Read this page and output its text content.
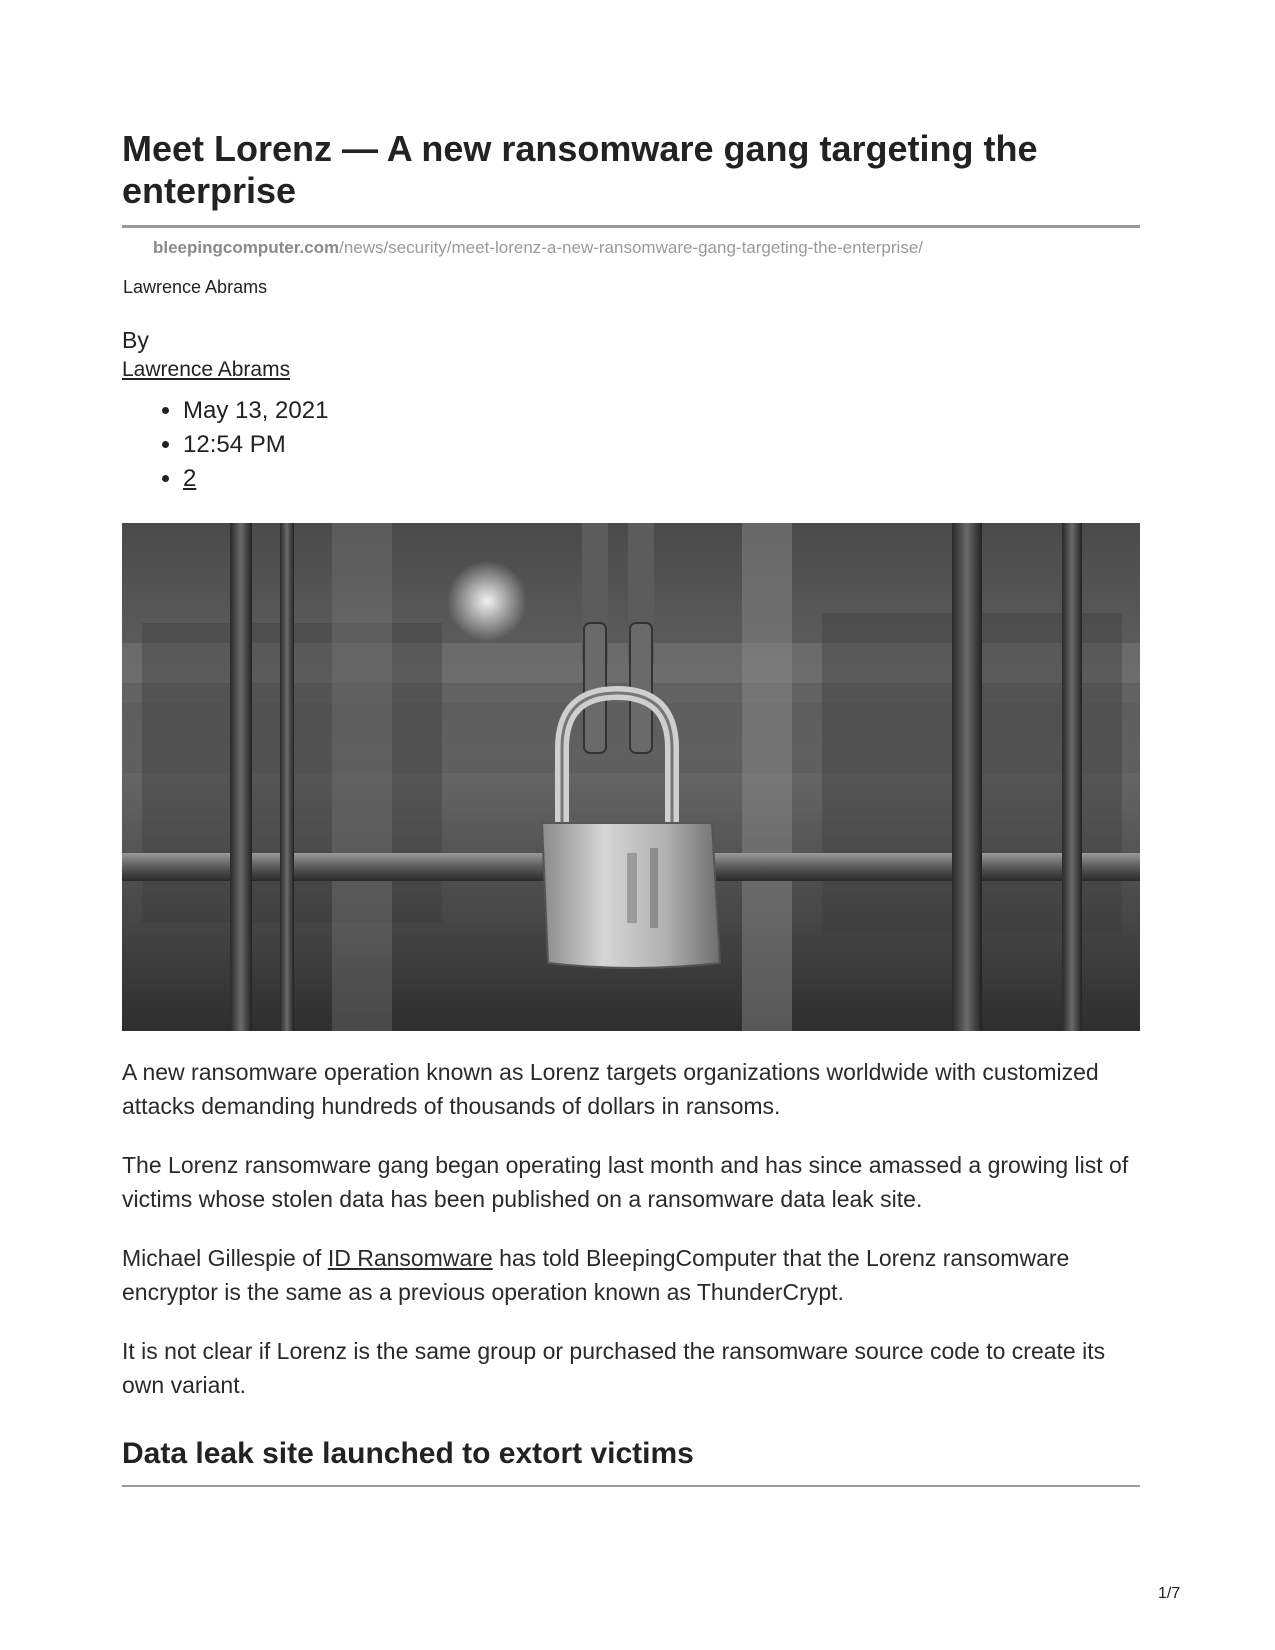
Meet Lorenz — A new ransomware gang targeting the enterprise
bleepingcomputer.com/news/security/meet-lorenz-a-new-ransomware-gang-targeting-the-enterprise/
Lawrence Abrams
By
Lawrence Abrams
• May 13, 2021
• 12:54 PM
• 2

A new ransomware operation known as Lorenz targets organizations worldwide with customized attacks demanding hundreds of thousands of dollars in ransoms.

The Lorenz ransomware gang began operating last month and has since amassed a growing list of victims whose stolen data has been published on a ransomware data leak site.

Michael Gillespie of ID Ransomware has told BleepingComputer that the Lorenz ransomware encryptor is the same as a previous operation known as ThunderCrypt.

It is not clear if Lorenz is the same group or purchased the ransomware source code to create its own variant.

Data leak site launched to extort victims
1/7
